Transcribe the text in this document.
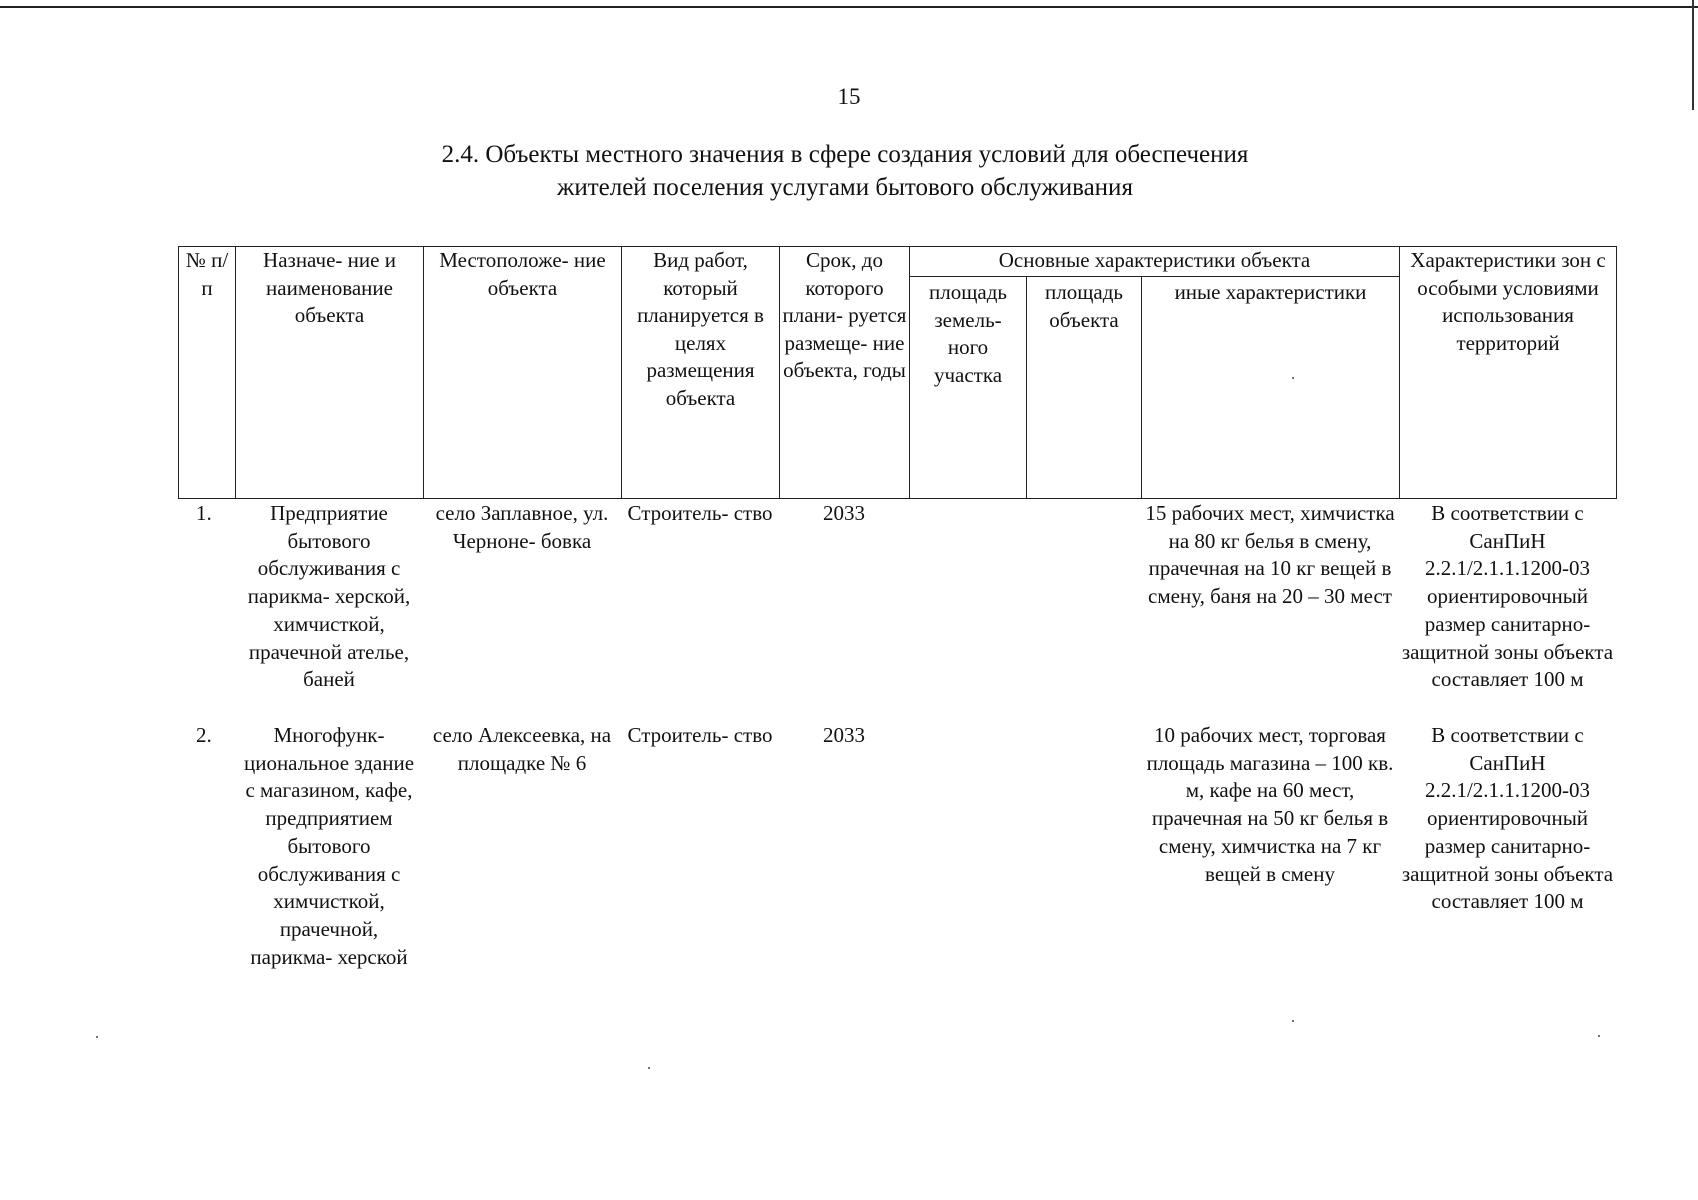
15
2.4. Объекты местного значения в сфере создания условий для обеспечения
жителей поселения услугами бытового обслуживания
№ п/п	Назначе- ние и наименование объекта	Местоположе- ние объекта	Вид работ, который планируется в целях размещения объекта	Срок, до которого плани- руется размеще- ние объекта, годы	Основные характеристики объекта			Характеристики зон с особыми условиями использования территорий
					площадь земель- ного участка	площадь объекта	иные характеристики	
1.	Предприятие бытового обслуживания с парикма- херской, химчисткой, прачечной ателье, баней	село Заплавное, ул. Черноне- бовка	Строитель- ство	2033			15 рабочих мест, химчистка на 80 кг белья в смену, прачечная на 10 кг вещей в смену, баня на 20 – 30 мест	В соответствии с СанПиН 2.2.1/2.1.1.1200-03 ориентировочный размер санитарно- защитной зоны объекта составляет 100 м
2.	Многофунк- циональное здание с магазином, кафе, предприятием бытового обслуживания с химчисткой, прачечной, парикма- херской	село Алексеевка, на площадке № 6	Строитель- ство	2033			10 рабочих мест, торговая площадь магазина – 100 кв. м, кафе на 60 мест, прачечная на 50 кг белья в смену, химчистка на 7 кг вещей в смену	В соответствии с СанПиН 2.2.1/2.1.1.1200-03 ориентировочный размер санитарно- защитной зоны объекта составляет 100 м
